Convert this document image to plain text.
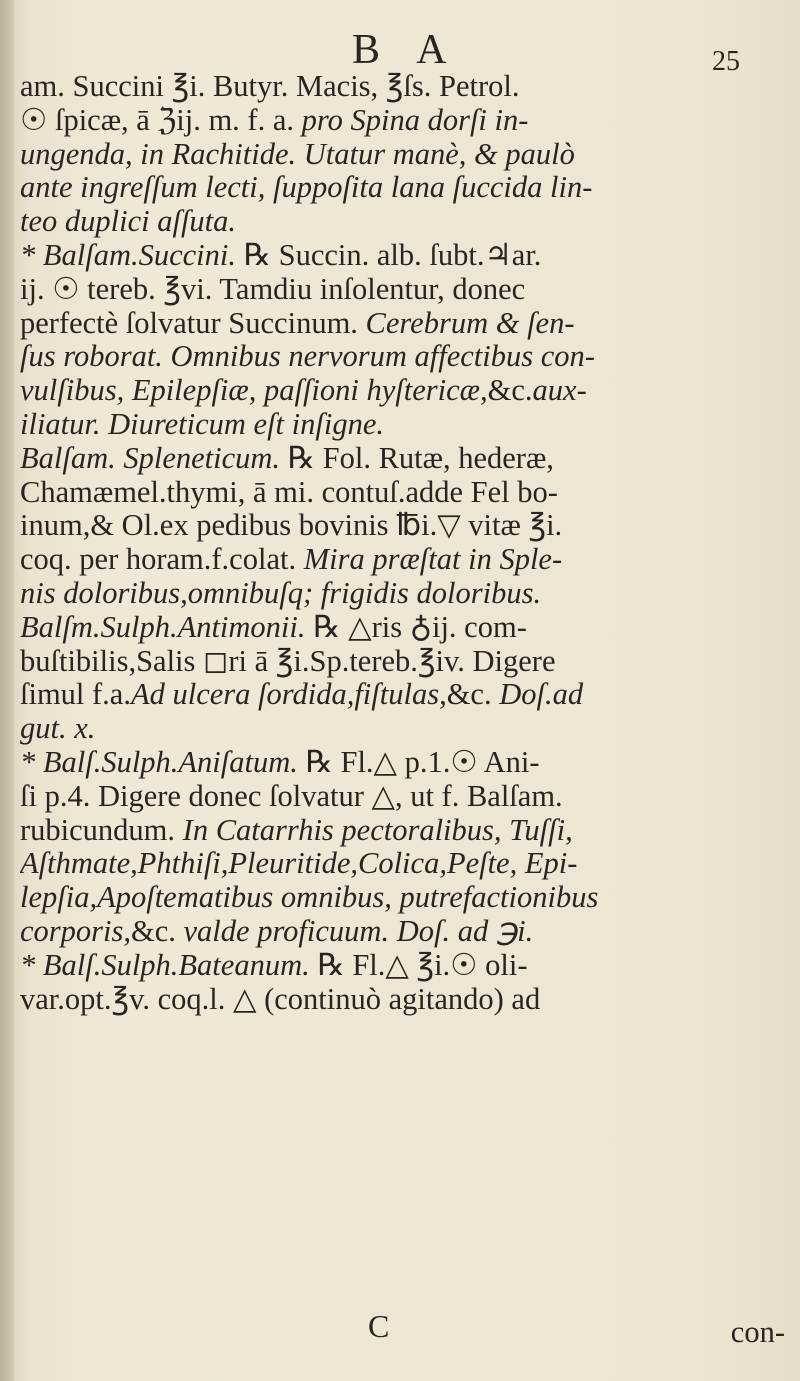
B A	25
am. Succini ℥i. Butyr. Macis, ℥ſs. Petrol.
☉ ſpicæ, ā ℨij. m. f. a. pro Spina dorſi in-
ungenda, in Rachitide. Utatur manè, & paulò
ante ingreſſum lecti, ſuppoſita lana ſuccida lin-
teo duplici aſſuta.
* Balſam.Succini. ℞ Succin. alb. ſubt.♃ar.
ij. ☉ tereb. ℥vi. Tamdiu inſolentur, donec
perfectè ſolvatur Succinum. Cerebrum & ſen-
ſus roborat. Omnibus nervorum affectibus con-
vulſibus, Epilepſiæ, paſſioni hyſtericæ,&c.aux-
iliatur. Diureticum eſt inſigne.
Balſam. Spleneticum. ℞ Fol. Rutæ, hederæ,
Chamæmel.thymi, ā mi. contuſ.adde Fel bo-
inum,& Ol.ex pedibus bovinis ℔i.▽ vitæ ℥i.
coq. per horam.f.colat. Mira præſtat in Sple-
nis doloribus,omnibuſq; frigidis doloribus.
Balſm.Sulph.Antimonii. ℞ △ris ♁ij. com-
buſtibilis,Salis ◻ri ā ℥i.Sp.tereb.℥iv. Digere
ſimul f.a.Ad ulcera ſordida,fiſtulas,&c. Doſ.ad
gut. x.
* Balſ.Sulph.Aniſatum. ℞ Fl.△ p.1.☉ Ani-
ſi p.4. Digere donec ſolvatur △, ut f. Balſam.
rubicundum. In Catarrhis pectoralibus, Tuſſi,
Aſthmate,Phthiſi,Pleuritide,Colica,Peſte, Epi-
lepſia,Apoſtematibus omnibus, putrefactionibus
corporis,&c. valde proficuum. Doſ. ad ℈i.
* Balſ.Sulph.Bateanum. ℞ Fl.△ ℥i.☉ oli-
var.opt.℥v. coq.l. △ (continuò agitando) ad
con-
C
